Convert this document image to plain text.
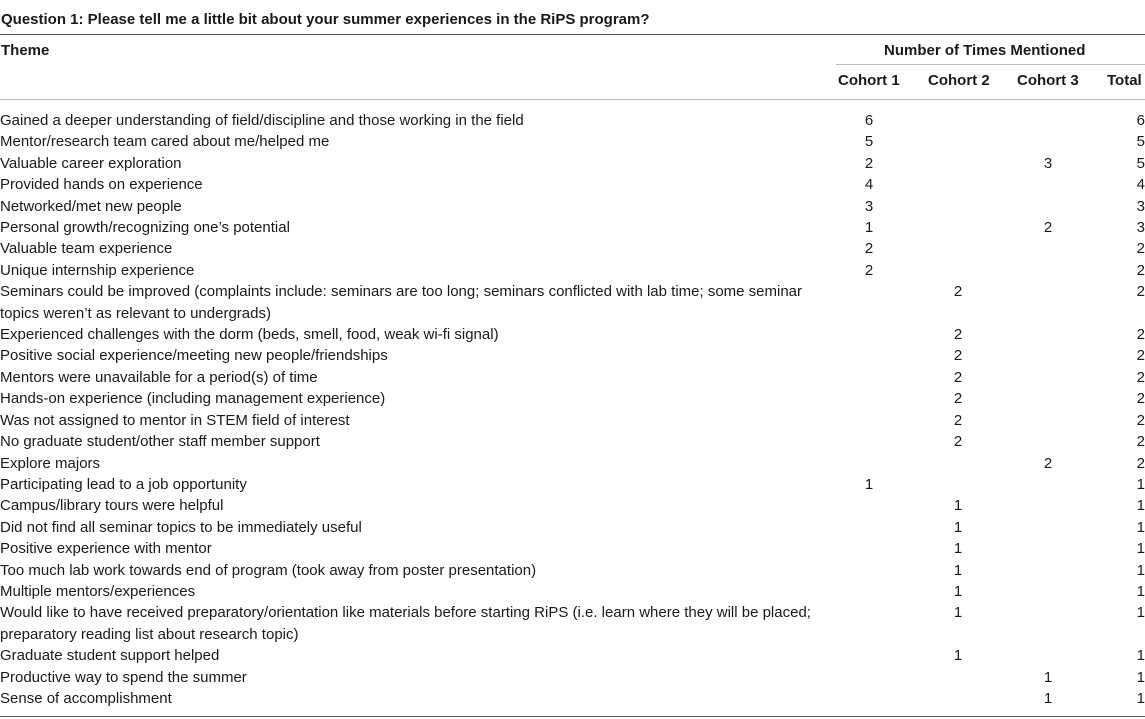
Question 1: Please tell me a little bit about your summer experiences in the RiPS program?
Theme	Number of Times Mentioned
Cohort 1 Cohort 2 Cohort 3 Total
Gained a deeper understanding of field/discipline and those working in the field	6			6
Mentor/research team cared about me/helped me	5			5
Valuable career exploration	2		3	5
Provided hands on experience	4			4
Networked/met new people	3			3
Personal growth/recognizing one’s potential	1		2	3
Valuable team experience	2			2
Unique internship experience	2			2
Seminars could be improved (complaints include: seminars are too long; seminars conflicted with lab time; some seminar topics weren’t as relevant to undergrads)		2		2
Experienced challenges with the dorm (beds, smell, food, weak wi-fi signal)		2		2
Positive social experience/meeting new people/friendships		2		2
Mentors were unavailable for a period(s) of time		2		2
Hands-on experience (including management experience)		2		2
Was not assigned to mentor in STEM field of interest		2		2
No graduate student/other staff member support		2		2
Explore majors			2	2
Participating lead to a job opportunity	1			1
Campus/library tours were helpful		1		1
Did not find all seminar topics to be immediately useful		1		1
Positive experience with mentor		1		1
Too much lab work towards end of program (took away from poster presentation)		1		1
Multiple mentors/experiences		1		1
Would like to have received preparatory/orientation like materials before starting RiPS (i.e. learn where they will be placed; preparatory reading list about research topic)		1		1
Graduate student support helped		1		1
Productive way to spend the summer			1	1
Sense of accomplishment			1	1
